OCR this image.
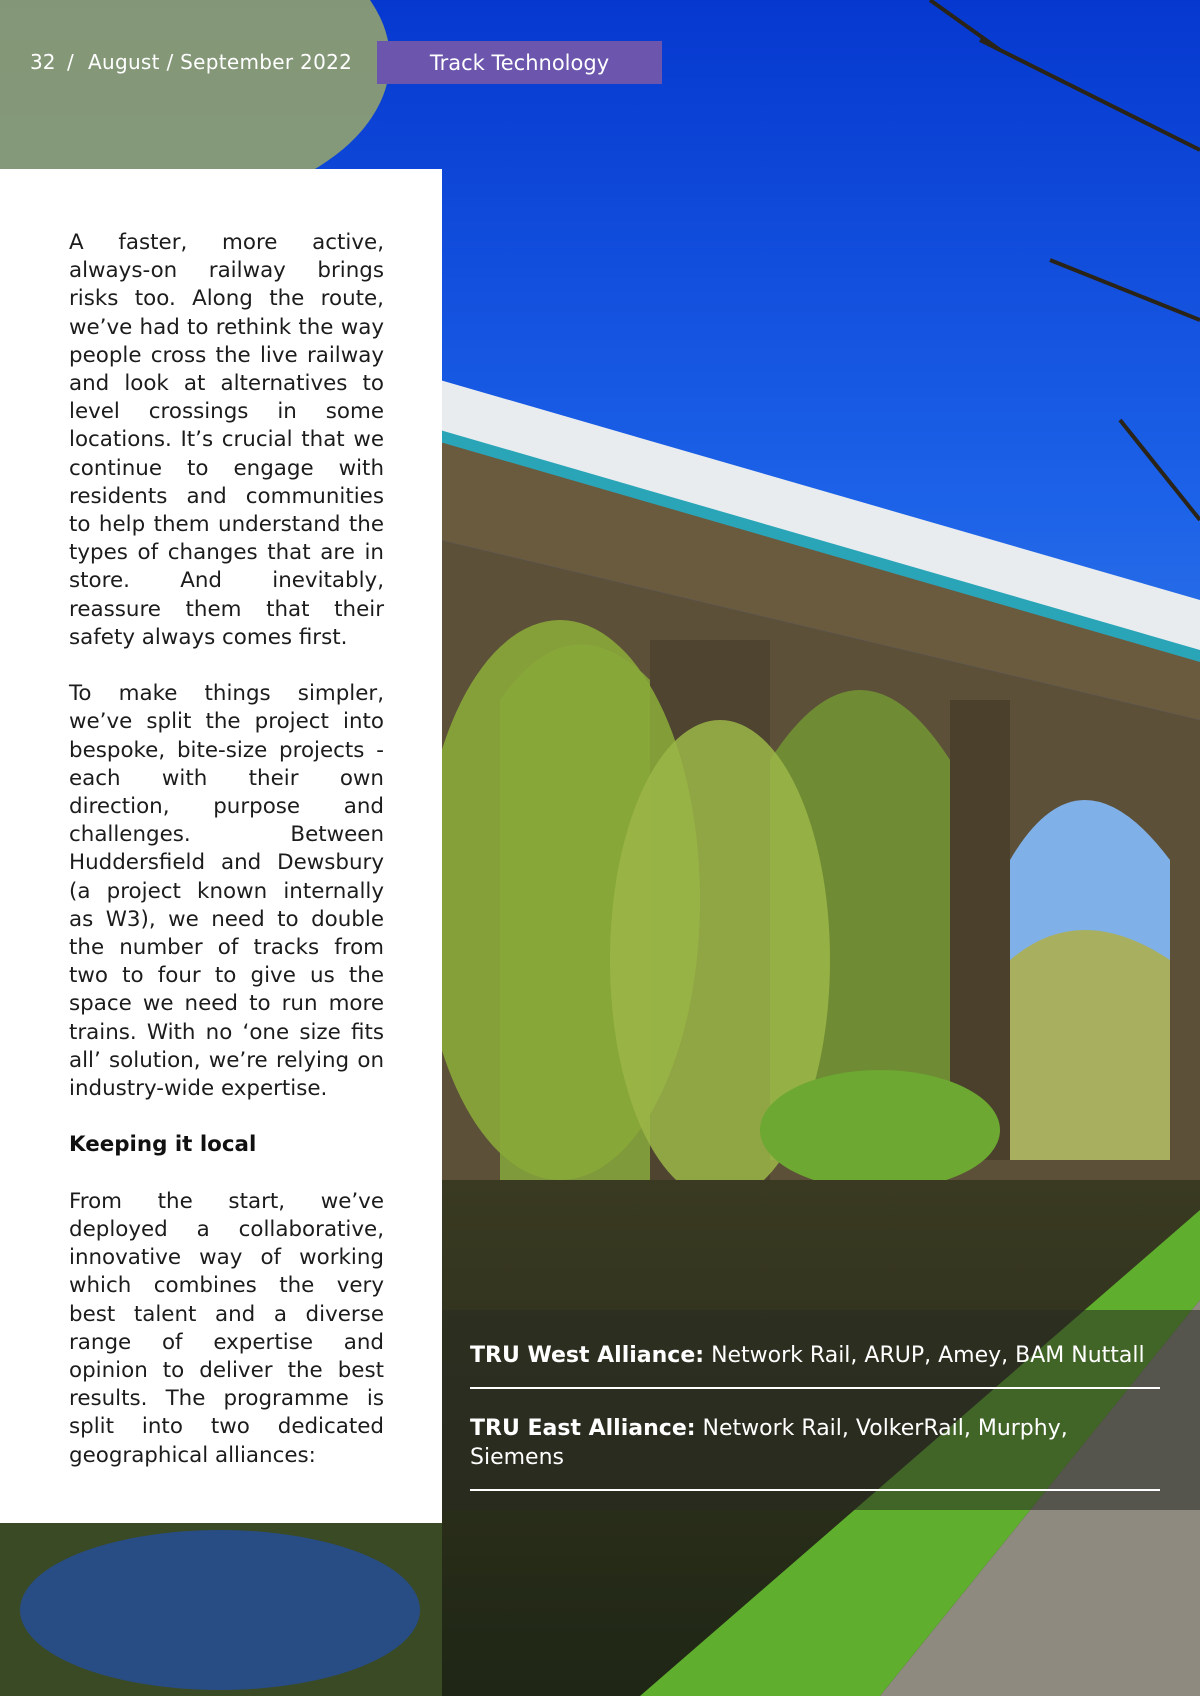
32 / August / September 2022	Track Technology

A faster, more active, always-on railway brings risks too. Along the route, we’ve had to rethink the way people cross the live railway and look at alternatives to level crossings in some locations. It’s crucial that we continue to engage with residents and communities to help them understand the types of changes that are in store. And inevitably, reassure them that their safety always comes first.

To make things simpler, we’ve split the project into bespoke, bite-size projects - each with their own direction, purpose and challenges. Between Huddersfield and Dewsbury (a project known internally as W3), we need to double the number of tracks from two to four to give us the space we need to run more trains. With no ‘one size fits all’ solution, we’re relying on industry-wide expertise.

Keeping it local

From the start, we’ve deployed a collaborative, innovative way of working which combines the very best talent and a diverse range of expertise and opinion to deliver the best results. The programme is split into two dedicated geographical alliances:

TRU West Alliance: Network Rail, ARUP, Amey, BAM Nuttall
TRU East Alliance: Network Rail, VolkerRail, Murphy, Siemens
